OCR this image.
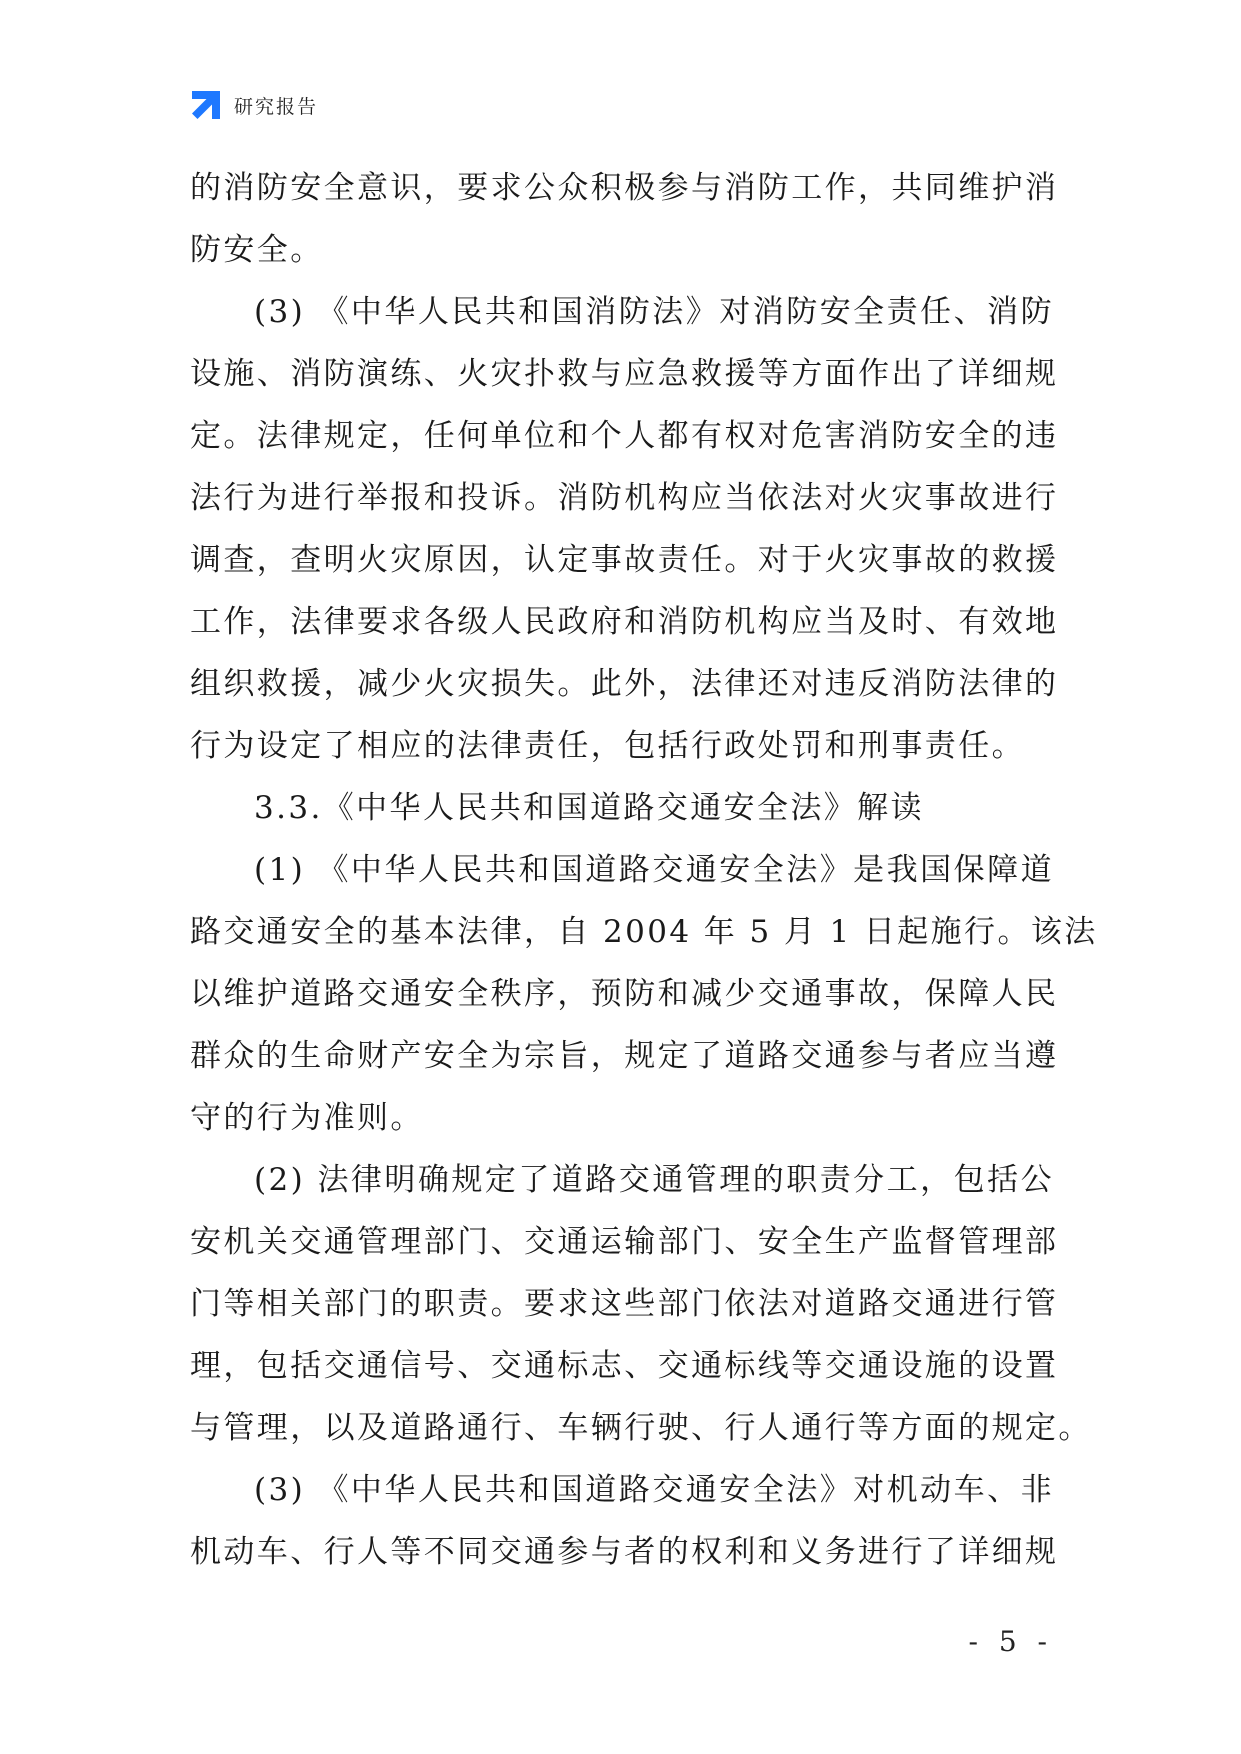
研究报告
的消防安全意识，要求公众积极参与消防工作，共同维护消
防安全。
(3) 《中华人民共和国消防法》对消防安全责任、消防
设施、消防演练、火灾扑救与应急救援等方面作出了详细规
定。法律规定，任何单位和个人都有权对危害消防安全的违
法行为进行举报和投诉。消防机构应当依法对火灾事故进行
调查，查明火灾原因，认定事故责任。对于火灾事故的救援
工作，法律要求各级人民政府和消防机构应当及时、有效地
组织救援，减少火灾损失。此外，法律还对违反消防法律的
行为设定了相应的法律责任，包括行政处罚和刑事责任。
3.3.《中华人民共和国道路交通安全法》解读
(1) 《中华人民共和国道路交通安全法》是我国保障道
路交通安全的基本法律，自 2004 年 5 月 1 日起施行。该法
以维护道路交通安全秩序，预防和减少交通事故，保障人民
群众的生命财产安全为宗旨，规定了道路交通参与者应当遵
守的行为准则。
(2) 法律明确规定了道路交通管理的职责分工，包括公
安机关交通管理部门、交通运输部门、安全生产监督管理部
门等相关部门的职责。要求这些部门依法对道路交通进行管
理，包括交通信号、交通标志、交通标线等交通设施的设置
与管理，以及道路通行、车辆行驶、行人通行等方面的规定。
(3) 《中华人民共和国道路交通安全法》对机动车、非
机动车、行人等不同交通参与者的权利和义务进行了详细规
- 5 -
